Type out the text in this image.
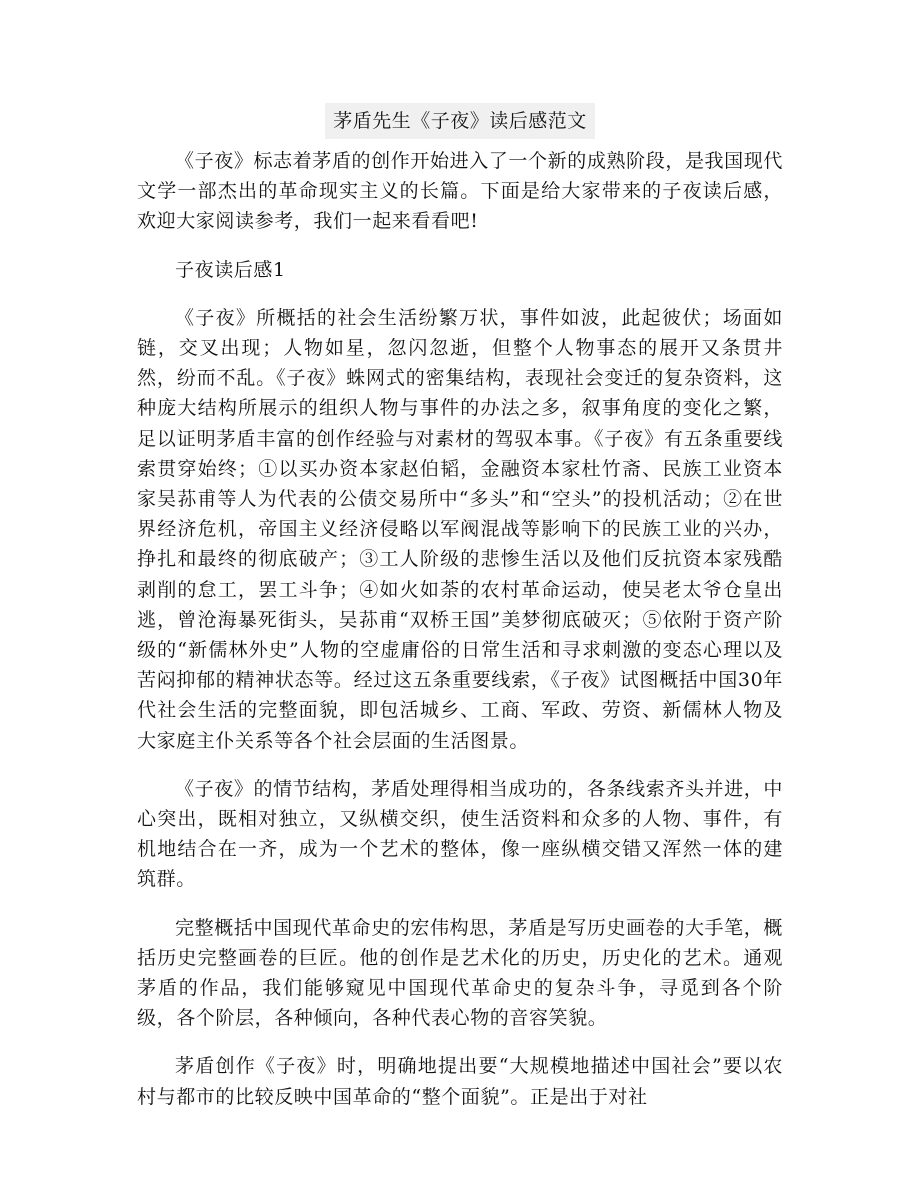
茅盾先生《子夜》读后感范文

《子夜》标志着茅盾的创作开始进入了一个新的成熟阶段，是我国现代文学一部杰出的革命现实主义的长篇。下面是给大家带来的子夜读后感，欢迎大家阅读参考，我们一起来看看吧!

子夜读后感1

《子夜》所概括的社会生活纷繁万状，事件如波，此起彼伏；场面如链，交叉出现；人物如星，忽闪忽逝，但整个人物事态的展开又条贯井然，纷而不乱。《子夜》蛛网式的密集结构，表现社会变迁的复杂资料，这种庞大结构所展示的组织人物与事件的办法之多，叙事角度的变化之繁，足以证明茅盾丰富的创作经验与对素材的驾驭本事。《子夜》有五条重要线索贯穿始终；①以买办资本家赵伯韬，金融资本家杜竹斋、民族工业资本家吴荪甫等人为代表的公债交易所中“多头”和“空头”的投机活动；②在世界经济危机，帝国主义经济侵略以军阀混战等影响下的民族工业的兴办，挣扎和最终的彻底破产；③工人阶级的悲惨生活以及他们反抗资本家残酷剥削的怠工，罢工斗争；④如火如荼的农村革命运动，使吴老太爷仓皇出逃，曾沧海暴死街头，吴荪甫“双桥王国”美梦彻底破灭；⑤依附于资产阶级的“新儒林外史”人物的空虚庸俗的日常生活和寻求刺激的变态心理以及苦闷抑郁的精神状态等。经过这五条重要线索，《子夜》试图概括中国30年代社会生活的完整面貌，即包活城乡、工商、军政、劳资、新儒林人物及大家庭主仆关系等各个社会层面的生活图景。

《子夜》的情节结构，茅盾处理得相当成功的，各条线索齐头并进，中心突出，既相对独立，又纵横交织，使生活资料和众多的人物、事件，有机地结合在一齐，成为一个艺术的整体，像一座纵横交错又浑然一体的建筑群。

完整概括中国现代革命史的宏伟构思，茅盾是写历史画卷的大手笔，概括历史完整画卷的巨匠。他的创作是艺术化的历史，历史化的艺术。通观茅盾的作品，我们能够窥见中国现代革命史的复杂斗争，寻觅到各个阶级，各个阶层，各种倾向，各种代表心物的音容笑貌。

茅盾创作《子夜》时，明确地提出要“大规模地描述中国社会”要以农村与都市的比较反映中国革命的“整个面貌”。正是出于对社
